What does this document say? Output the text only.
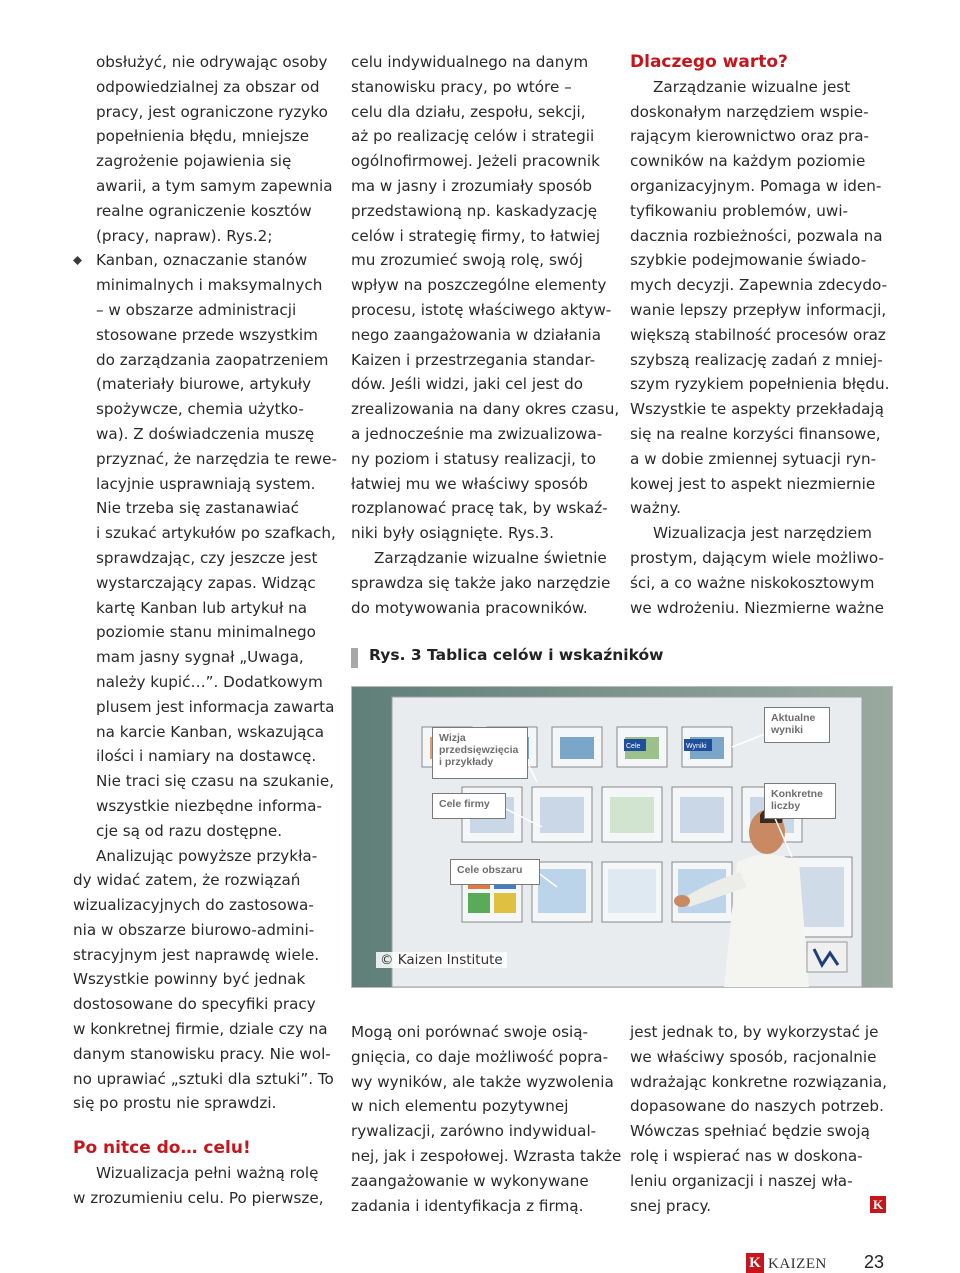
obsłużyć, nie odrywając osoby
odpowiedzialnej za obszar od
pracy, jest ograniczone ryzyko
popełnienia błędu, mniejsze
zagrożenie pojawienia się
awarii, a tym samym zapewnia
realne ograniczenie kosztów
(pracy, napraw). Rys.2;

Kanban, oznaczanie stanów
minimalnych i maksymalnych
– w obszarze administracji
stosowane przede wszystkim
do zarządzania zaopatrzeniem
(materiały biurowe, artykuły
spożywcze, chemia użytko-
wa). Z doświadczenia muszę
przyznać, że narzędzia te rewe-
lacyjnie usprawniają system.
Nie trzeba się zastanawiać
i szukać artykułów po szafkach,
sprawdzając, czy jeszcze jest
wystarczający zapas. Widząc
kartę Kanban lub artykuł na
poziomie stanu minimalnego
mam jasny sygnał „Uwaga,
należy kupić…”. Dodatkowym
plusem jest informacja zawarta
na karcie Kanban, wskazująca
ilości i namiary na dostawcę.
Nie traci się czasu na szukanie,
wszystkie niezbędne informa-
cje są od razu dostępne.

Analizując powyższe przykła-
dy widać zatem, że rozwiązań
wizualizacyjnych do zastosowa-
nia w obszarze biurowo-admini-
stracyjnym jest naprawdę wiele.
Wszystkie powinny być jednak
dostosowane do specyfiki pracy
w konkretnej firmie, dziale czy na
danym stanowisku pracy. Nie wol-
no uprawiać „sztuki dla sztuki”. To
się po prostu nie sprawdzi.

Po nitce do… celu!

Wizualizacja pełni ważną rolę
w zrozumieniu celu. Po pierwsze,

celu indywidualnego na danym
stanowisku pracy, po wtóre –
celu dla działu, zespołu, sekcji,
aż po realizację celów i strategii
ogólnofirmowej. Jeżeli pracownik
ma w jasny i zrozumiały sposób
przedstawioną np. kaskadyzację
celów i strategię firmy, to łatwiej
mu zrozumieć swoją rolę, swój
wpływ na poszczególne elementy
procesu, istotę właściwego aktyw-
nego zaangażowania w działania
Kaizen i przestrzegania standar-
dów. Jeśli widzi, jaki cel jest do
zrealizowania na dany okres czasu,
a jednocześnie ma zwizualizowa-
ny poziom i statusy realizacji, to
łatwiej mu we właściwy sposób
rozplanować pracę tak, by wskaź-
niki były osiągnięte. Rys.3.

Zarządzanie wizualne świetnie
sprawdza się także jako narzędzie
do motywowania pracowników.

Dlaczego warto?

Zarządzanie wizualne jest
doskonałym narzędziem wspie-
rającym kierownictwo oraz pra-
cowników na każdym poziomie
organizacyjnym. Pomaga w iden-
tyfikowaniu problemów, uwi-
dacznia rozbieżności, pozwala na
szybkie podejmowanie świado-
mych decyzji. Zapewnia zdecydo-
wanie lepszy przepływ informacji,
większą stabilność procesów oraz
szybszą realizację zadań z mniej-
szym ryzykiem popełnienia błędu.
Wszystkie te aspekty przekładają
się na realne korzyści finansowe,
a w dobie zmiennej sytuacji ryn-
kowej jest to aspekt niezmiernie
ważny.

Wizualizacja jest narzędziem
prostym, dającym wiele możliwo-
ści, a co ważne niskokosztowym
we wdrożeniu. Niezmierne ważne

Rys. 3 Tablica celów i wskaźników
Cele	Wyniki
Wizja
przedsięwzięcia
i przykłady
Cele firmy
Cele obszaru
Aktualne
wyniki
Konkretne
liczby
© Kaizen Institute

Mogą oni porównać swoje osią-
gnięcia, co daje możliwość popra-
wy wyników, ale także wyzwolenia
w nich elementu pozytywnej
rywalizacji, zarówno indywidual-
nej, jak i zespołowej. Wzrasta także
zaangażowanie w wykonywane
zadania i identyfikacja z firmą.

jest jednak to, by wykorzystać je
we właściwy sposób, racjonalnie
wdrażając konkretne rozwiązania,
dopasowane do naszych potrzeb.
Wówczas spełniać będzie swoją
rolę i wspierać nas w doskona-
leniu organizacji i naszej wła-
snej pracy.	K
K KAIZEN 23
